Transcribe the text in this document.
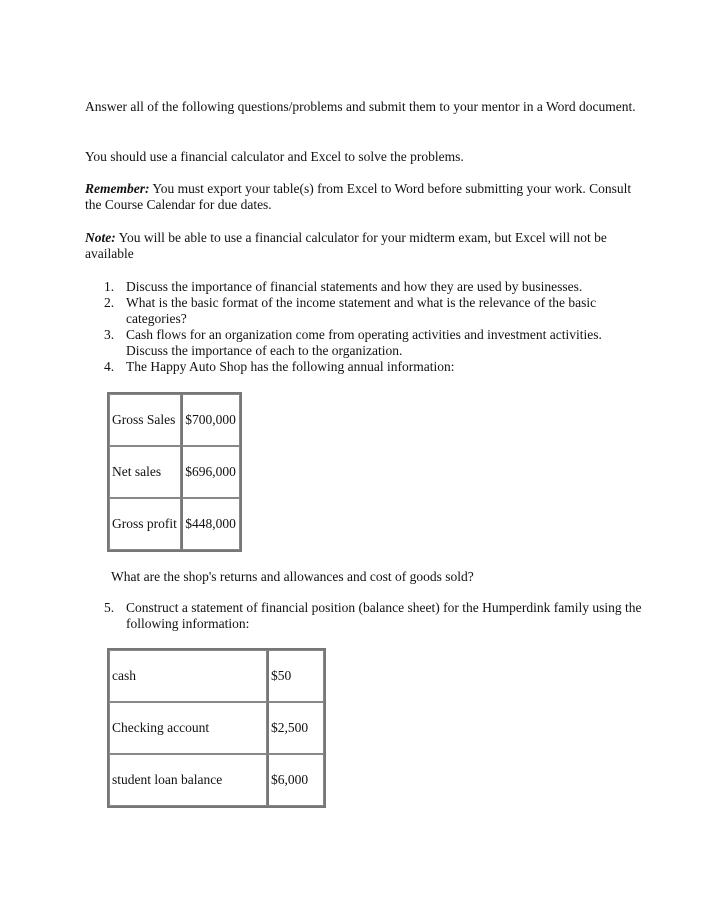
Answer all of the following questions/problems and submit them to your mentor in a Word document.

You should use a financial calculator and Excel to solve the problems.

Remember: You must export your table(s) from Excel to Word before submitting your work. Consult the Course Calendar for due dates.

Note: You will be able to use a financial calculator for your midterm exam, but Excel will not be available

1. Discuss the importance of financial statements and how they are used by businesses.
2. What is the basic format of the income statement and what is the relevance of the basic categories?
3. Cash flows for an organization come from operating activities and investment activities. Discuss the importance of each to the organization.
4. The Happy Auto Shop has the following annual information:
Gross Sales	$700,000
Net sales	$696,000
Gross profit	$448,000

What are the shop's returns and allowances and cost of goods sold?

5. Construct a statement of financial position (balance sheet) for the Humperdink family using the following information:
cash	$50
Checking account	$2,500
student loan balance	$6,000
